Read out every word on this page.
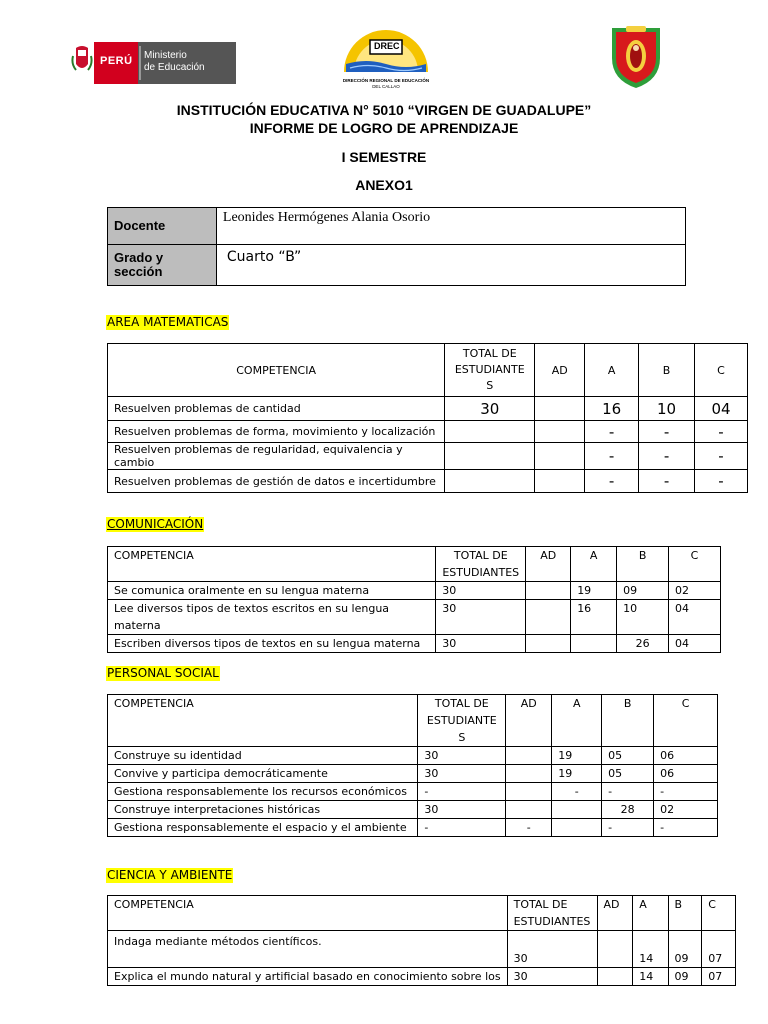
PERÚ Ministerio
de Educación
DREC
DIRECCIÓN REGIONAL DE EDUCACIÓN
DEL CALLAO
INSTITUCIÓN EDUCATIVA N° 5010 “VIRGEN DE GUADALUPE”
INFORME DE LOGRO DE APRENDIZAJE
I SEMESTRE
ANEXO1
Docente	Leonides Hermógenes Alania Osorio

Grado y
sección	Cuarto “B”
AREA MATEMATICAS
COMPETENCIA	TOTAL DE
ESTUDIANTE
S	AD	A	B	C
Resuelven problemas de cantidad	30		16	10	04
Resuelven problemas de forma, movimiento y localización			-	-	-
Resuelven problemas de regularidad, equivalencia y cambio			-	-	-
Resuelven problemas de gestión de datos e incertidumbre			-	-	-
COMUNICACIÓN
COMPETENCIA	TOTAL DE
ESTUDIANTES	AD	A	B	C
Se comunica oralmente en su lengua materna	30		19	09	02
Lee diversos tipos de textos escritos en su lengua materna	30		16	10	04
Escriben diversos tipos de textos en su lengua materna	30			26	04
PERSONAL SOCIAL
COMPETENCIA	TOTAL DE
ESTUDIANTE
S	AD	A	B	C
Construye su identidad	30		19	05	06
Convive y participa democráticamente	30		19	05	06
Gestiona responsablemente los recursos económicos	-		-	-	-
Construye interpretaciones históricas	30			28	02
Gestiona responsablemente el espacio y el ambiente	-	-		-	-
CIENCIA Y AMBIENTE
COMPETENCIA	TOTAL DE
ESTUDIANTES	AD	A	B	C
Indaga mediante métodos científicos.	30		14	09	07
Explica el mundo natural y artificial basado en conocimiento sobre los	30		14	09	07
